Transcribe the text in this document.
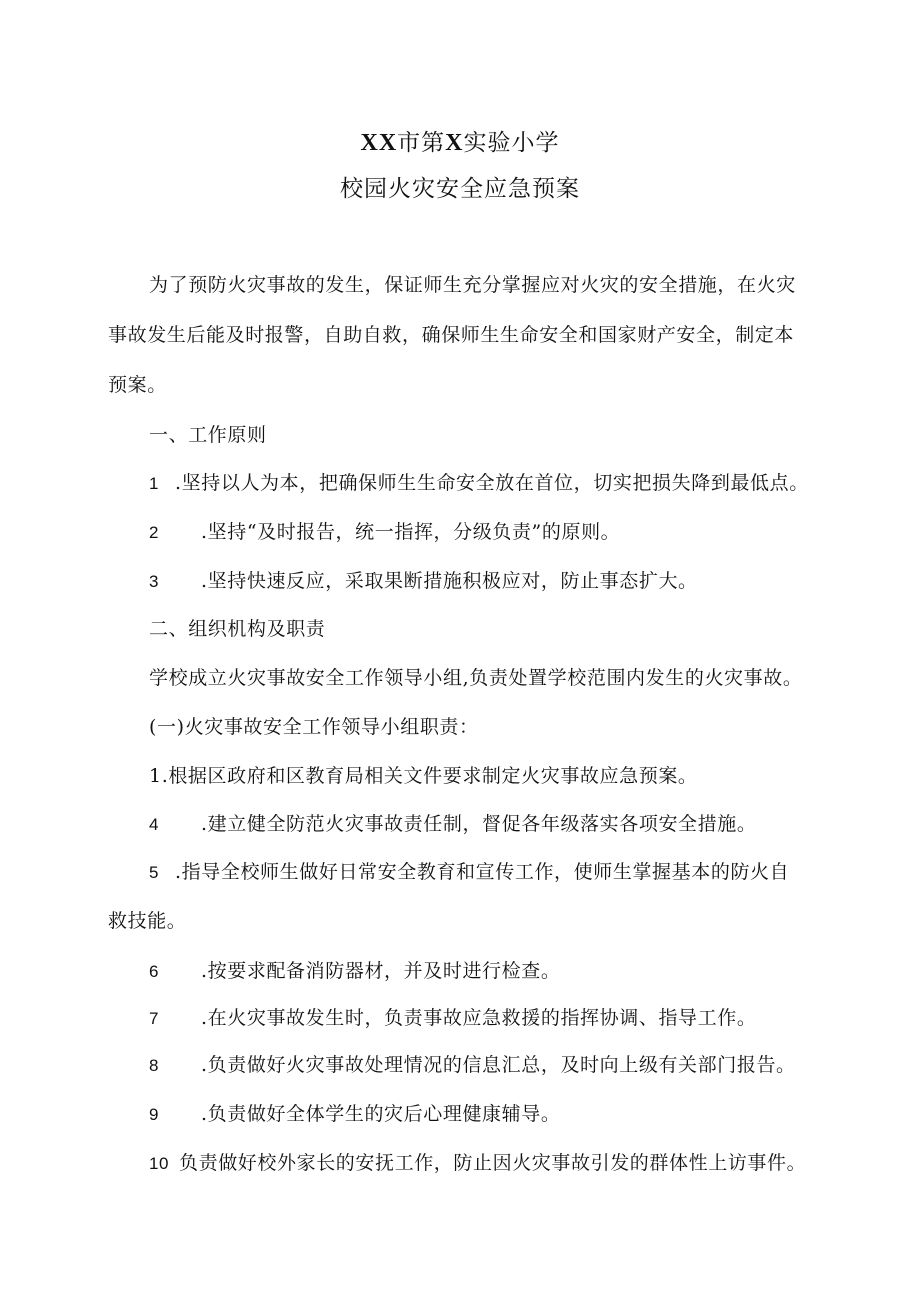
XX市第X实验小学
校园火灾安全应急预案
为了预防火灾事故的发生，保证师生充分掌握应对火灾的安全措施，在火灾
事故发生后能及时报警，自助自救，确保师生生命安全和国家财产安全，制定本
预案。
一、工作原则
1 .坚持以人为本，把确保师生生命安全放在首位，切实把损失降到最低点。
2 .坚持“及时报告，统一指挥，分级负责”的原则。
3 .坚持快速反应，采取果断措施积极应对，防止事态扩大。
二、组织机构及职责
学校成立火灾事故安全工作领导小组,负责处置学校范围内发生的火灾事故。
(一)火灾事故安全工作领导小组职责：
1.根据区政府和区教育局相关文件要求制定火灾事故应急预案。
4 .建立健全防范火灾事故责任制，督促各年级落实各项安全措施。
5 .指导全校师生做好日常安全教育和宣传工作，使师生掌握基本的防火自
救技能。
6 .按要求配备消防器材，并及时进行检查。
7 .在火灾事故发生时，负责事故应急救援的指挥协调、指导工作。
8 .负责做好火灾事故处理情况的信息汇总，及时向上级有关部门报告。
9 .负责做好全体学生的灾后心理健康辅导。
10 负责做好校外家长的安抚工作，防止因火灾事故引发的群体性上访事件。
